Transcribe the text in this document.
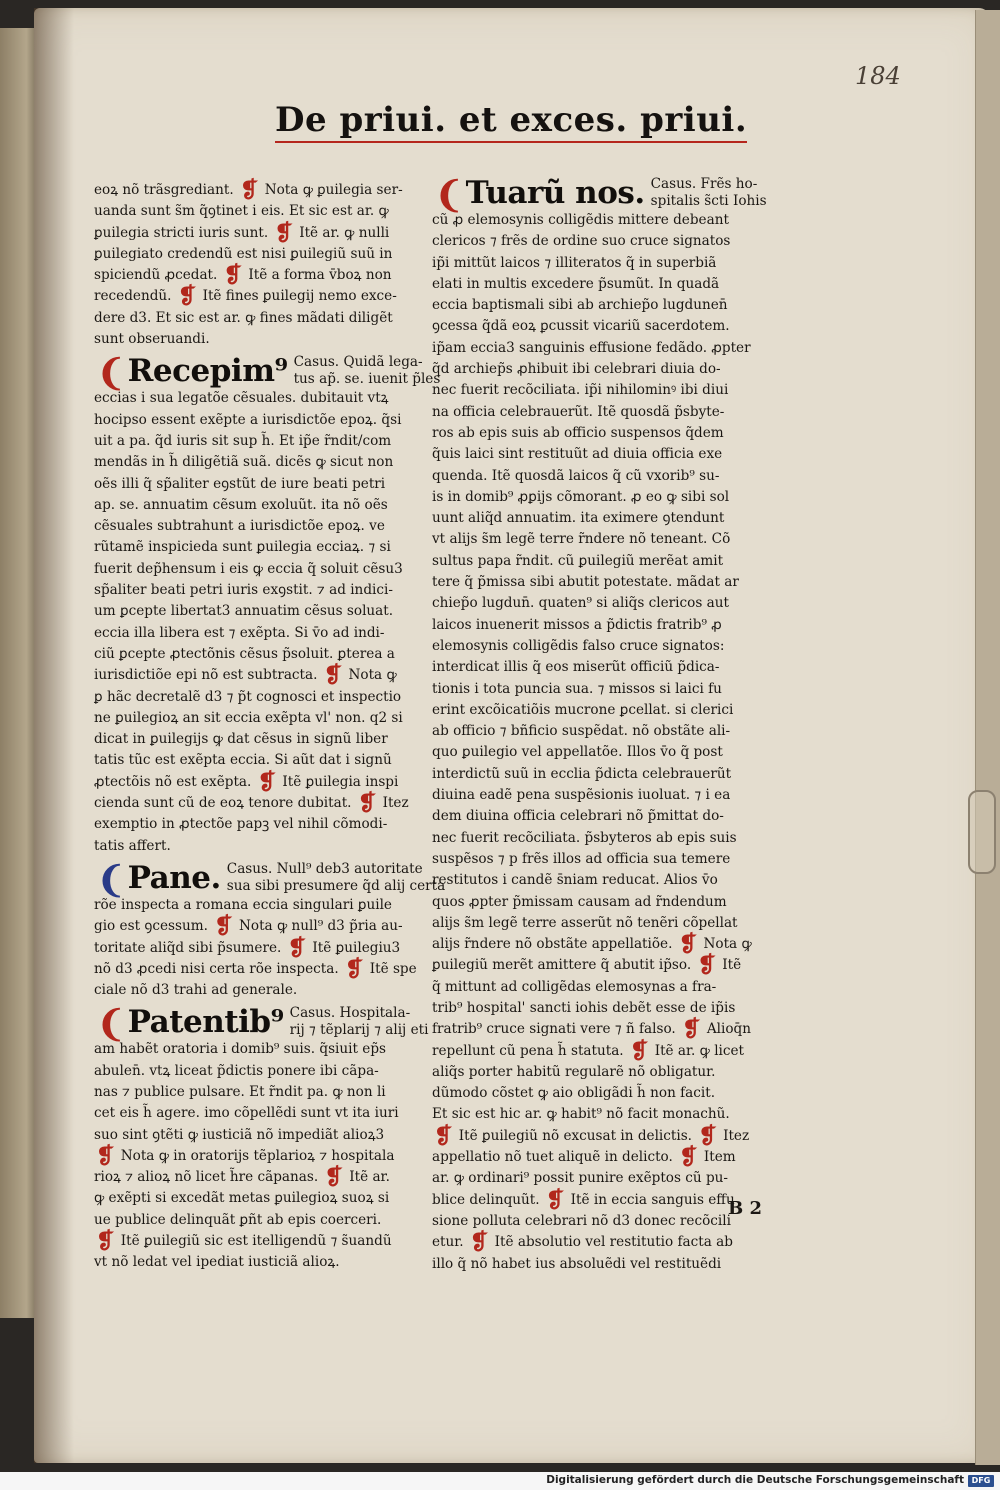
184
De priui. et exces. priui.
eoꝝ nõ trãsgrediant. ❡ Nota ꝙ ꝑuilegia ser-
uanda sunt s̃m q̃ꝯtinet i eis. Et sic est ar. ꝙ
ꝑuilegia stricti iuris sunt. ❡ Itẽ ar. ꝙ nulli
ꝑuilegiato credendũ est nisi ꝑuilegiũ suũ in
spiciendũ ꝓcedat. ❡ Itẽ a forma v̄boꝝ non
recedendũ. ❡ Itẽ fines ꝑuilegij nemo exce-
dere d3. Et sic est ar. ꝙ fines mãdati diligẽt
sunt obseruandi.
❨Recepim⁹ Casus. Quidã lega-
tus ap̃. se. iuenit p̃les
eccias i sua legatõe cẽsuales. dubitauit vtꝝ
hocipso essent exẽpte a iurisdictõe epoꝝ. q̃si
uit a pa. q̃d iuris sit sup h̃. Et ip̃e r̃ndit/com
mendãs in h̃ diligẽtiã suã. dicẽs ꝙ sicut non
oẽs illi q̃ sp̃aliter eꝯstũt de iure beati petri
ap. se. annuatim cẽsum exoluũt. ita nõ oẽs
cẽsuales subtrahunt a iurisdictõe epoꝝ. ve
rũtamẽ inspicieda sunt ꝑuilegia ecciaꝝ. ⁊ si
fuerit dep̃hensum i eis ꝙ eccia q̃ soluit cẽsu3
sp̃aliter beati petri iuris exꝯstit. ⁊ ad indici-
um ꝑcepte libertat3 annuatim cẽsus soluat.
eccia illa libera est ⁊ exẽpta. Si v̄o ad indi-
ciũ ꝑcepte ꝓtectõnis cẽsus p̃soluit. ꝑterea a
iurisdictiõe epi nõ est subtracta. ❡ Nota ꝙ
ꝑ hãc decretalẽ d3 ⁊ p̃t cognosci et inspectio
ne ꝑuilegioꝝ an sit eccia exẽpta vl' non. q2 si
dicat in ꝑuilegijs ꝙ dat cẽsus in signũ liber
tatis tũc est exẽpta eccia. Si aũt dat i signũ
ꝓtectõis nõ est exẽpta. ❡ Itẽ ꝑuilegia inspi
cienda sunt cũ de eoꝝ tenore dubitat. ❡ Itez
exemptio in ꝓtectõe papꝫ vel nihil cõmodi-
tatis affert.
❨Pane. Casus. Null⁹ deb3 autoritate
sua sibi presumere q̃d alij certa
rõe inspecta a romana eccia singulari ꝑuile
gio est ꝯcessum. ❡ Nota ꝙ null⁹ d3 p̃ria au-
toritate aliq̃d sibi p̃sumere. ❡ Itẽ ꝑuilegiu3
nõ d3 ꝓcedi nisi certa rõe inspecta. ❡ Itẽ spe
ciale nõ d3 trahi ad generale.
❨Patentib⁹ Casus. Hospitala-
rij ⁊ tẽplarij ⁊ alij eti
am habẽt oratoria i domib⁹ suis. q̃siuit ep̃s
abulen̄. vtꝝ liceat p̃dictis ponere ibi cãpa-
nas ⁊ publice pulsare. Et r̃ndit pa. ꝙ non li
cet eis h̃ agere. imo cõpellẽdi sunt vt ita iuri
suo sint ꝯtẽti ꝙ iusticiã nõ impediãt alioꝝ3
❡ Nota ꝙ in oratorijs tẽplarioꝝ ⁊ hospitala
rioꝝ ⁊ alioꝝ nõ licet h̃re cãpanas. ❡ Itẽ ar.
ꝙ exẽpti si excedãt metas ꝑuilegioꝝ suoꝝ si
ue publice delinquãt ꝑñt ab epis coerceri.
❡ Itẽ ꝑuilegiũ sic est itelligendũ ⁊ s̃uandũ
vt nõ ledat vel ipediat iusticiã alioꝝ.
❨Tuarũ nos. Casus. Frẽs ho-
spitalis s̃cti Iohis
cũ ꝓ elemosynis colligẽdis mittere debeant
clericos ⁊ frẽs de ordine suo cruce signatos
ip̃i mittũt laicos ⁊ illiteratos q̃ in superbiã
elati in multis excedere p̃sumũt. In quadã
eccia baptismali sibi ab archiep̃o lugdunen̄
ꝯcessa q̃dã eoꝝ ꝑcussit vicariũ sacerdotem.
ip̃am eccia3 sanguinis effusione fedãdo. ꝓpter
q̃d archiep̃s ꝓhibuit ibi celebrari diuia do-
nec fuerit recõciliata. ip̃i nihilominꝰ ibi diui
na officia celebrauerũt. Itẽ quosdã p̃sbyte-
ros ab epis suis ab officio suspensos q̃dem
q̃uis laici sint restituũt ad diuia officia exe
quenda. Itẽ quosdã laicos q̃ cũ vxorib⁹ su-
is in domib⁹ ꝓꝑijs cõmorant. ꝓ eo ꝙ sibi sol
uunt aliq̃d annuatim. ita eximere ꝯtendunt
vt alijs s̃m legẽ terre r̃ndere nõ teneant. Cõ
sultus papa r̃ndit. cũ ꝑuilegiũ merẽat amit
tere q̃ p̃missa sibi abutit potestate. mãdat ar
chiep̃o lugdun̄. quaten⁹ si aliq̃s clericos aut
laicos inuenerit missos a p̃dictis fratrib⁹ ꝓ
elemosynis colligẽdis falso cruce signatos:
interdicat illis q̃ eos miserũt officiũ p̃dica-
tionis i tota puncia sua. ⁊ missos si laici fu
erint excõicatiõis mucrone ꝑcellat. si clerici
ab officio ⁊ bñficio suspẽdat. nõ obstãte ali-
quo ꝑuilegio vel appellatõe. Illos v̄o q̃ post
interdictũ suũ in ecclia p̃dicta celebrauerũt
diuina eadẽ pena suspẽsionis iuoluat. ⁊ i ea
dem diuina officia celebrari nõ p̃mittat do-
nec fuerit recõciliata. p̃sbyteros ab epis suis
suspẽsos ⁊ p frẽs illos ad officia sua temere
restitutos i candẽ s̄niam reducat. Alios v̄o
quos ꝓpter p̃missam causam ad r̃ndendum
alijs s̃m legẽ terre asserũt nõ tenẽri cõpellat
alijs r̃ndere nõ obstãte appellatiõe. ❡ Nota ꝙ
ꝑuilegiũ merẽt amittere q̃ abutit ip̃so. ❡ Itẽ
q̃ mittunt ad colligẽdas elemosynas a fra-
trib⁹ hospital' sancti iohis debẽt esse de ip̃is
fratrib⁹ cruce signati vere ⁊ ñ falso. ❡ Alioq̄n
repellunt cũ pena h̃ statuta. ❡ Itẽ ar. ꝙ licet
aliq̃s porter habitũ regularẽ nõ obligatur.
dũmodo cõstet ꝙ aio obligãdi h̃ non facit.
Et sic est hic ar. ꝙ habit⁹ nõ facit monachũ.
❡ Itẽ ꝑuilegiũ nõ excusat in delictis. ❡ Itez
appellatio nõ tuet aliquẽ in delicto. ❡ Item
ar. ꝙ ordinari⁹ possit punire exẽptos cũ pu-
blice delinquũt. ❡ Itẽ in eccia sanguis effu
sione polluta celebrari nõ d3 donec recõcili
etur. ❡ Itẽ absolutio vel restitutio facta ab
illo q̃ nõ habet ius absoluẽdi vel restituẽdi
B 2
Digitalisierung gefördert durch die Deutsche Forschungsgemeinschaft DFG
